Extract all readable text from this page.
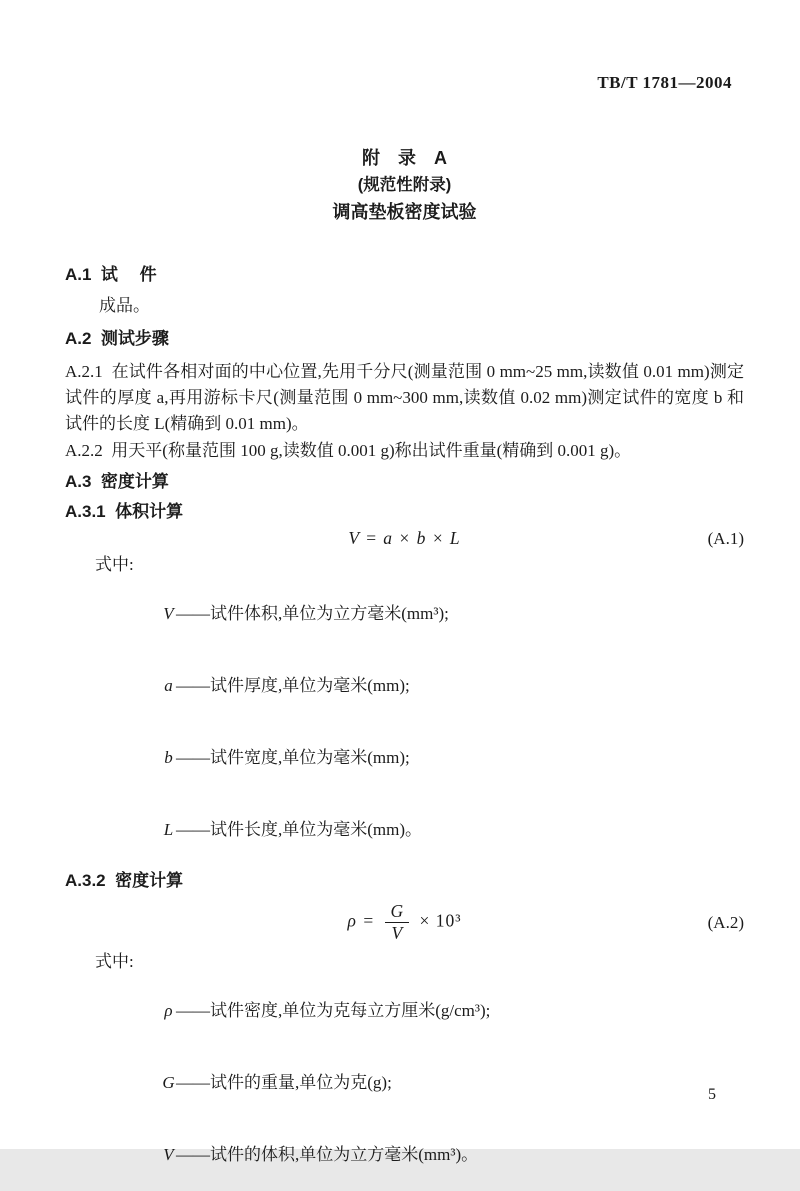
TB/T 1781—2004
附　录　A
(规范性附录)
调高垫板密度试验
A.1  试　 件

成品。

A.2  测试步骤

A.2.1  在试件各相对面的中心位置,先用千分尺(测量范围 0 mm~25 mm,读数值 0.01 mm)测定试件的厚度 a,再用游标卡尺(测量范围 0 mm~300 mm,读数值 0.02 mm)测定试件的宽度 b 和试件的长度 L(精确到 0.01 mm)。

A.2.2  用天平(称量范围 100 g,读数值 0.001 g)称出试件重量(精确到 0.001 g)。

A.3  密度计算
A.3.1  体积计算
V = a × b × L	(A.1)

式中:

V ——试件体积,单位为立方毫米(mm³);

a ——试件厚度,单位为毫米(mm);

b ——试件宽度,单位为毫米(mm);

L ——试件长度,单位为毫米(mm)。

A.3.2  密度计算
$\rho = \frac{G}{V} \times 10^3$	(A.2)

式中:

ρ ——试件密度,单位为克每立方厘米(g/cm³);

G——试件的重量,单位为克(g);

V ——试件的体积,单位为立方毫米(mm³)。

5
